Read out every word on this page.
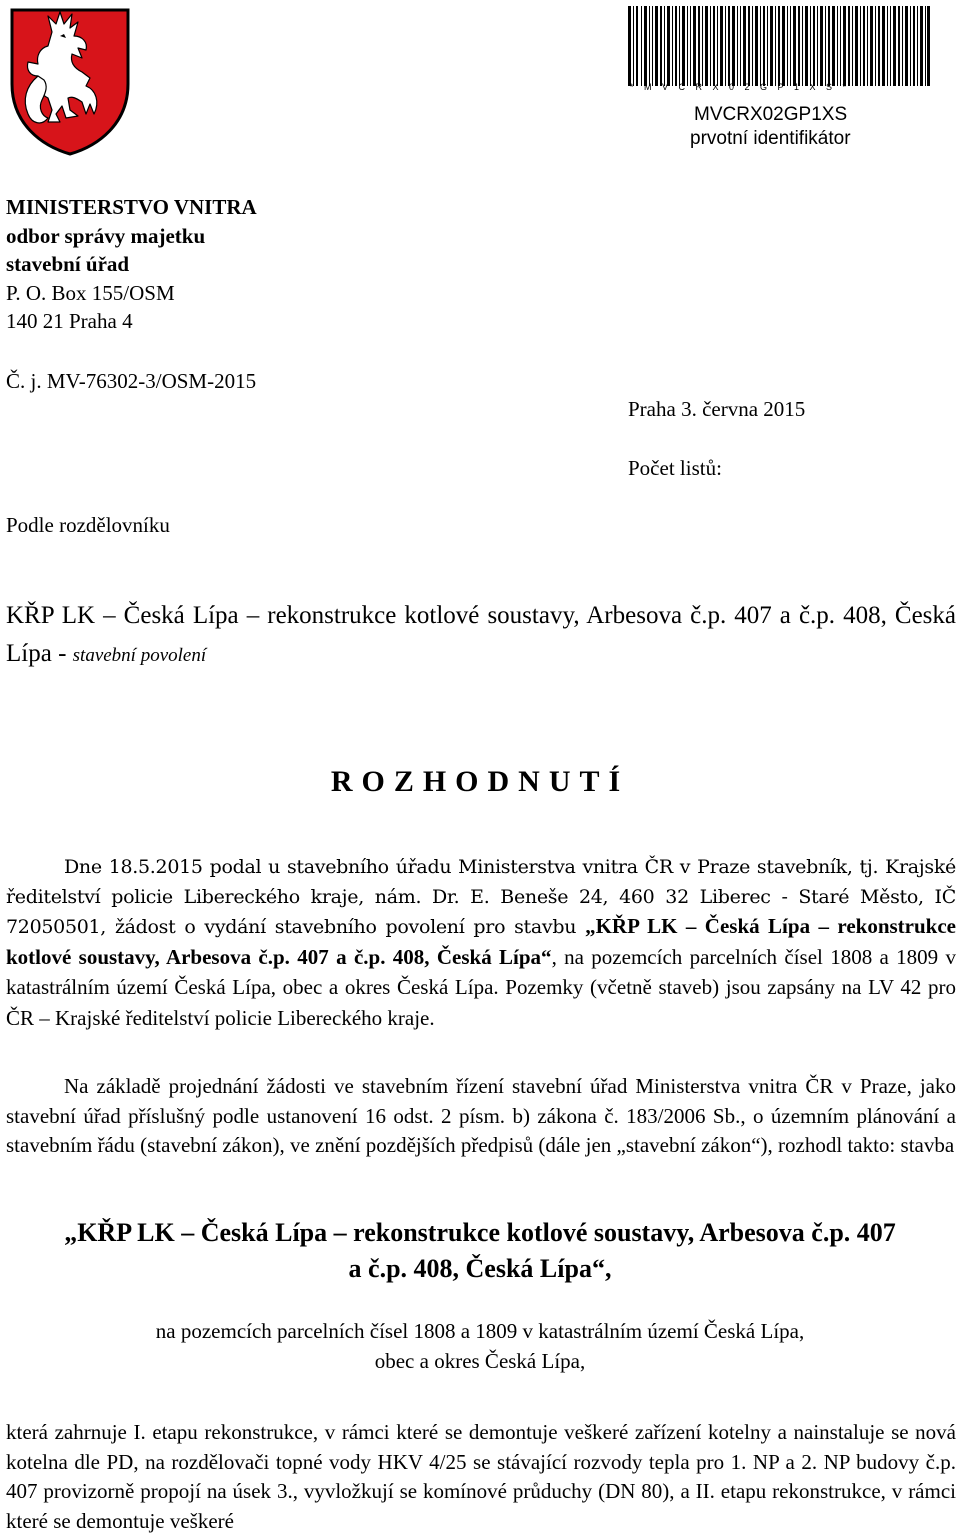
*MVCRX02GP1XS*
MVCRX02GP1XS
prvotní identifikátor
MINISTERSTVO VNITRA
odbor správy majetku
stavební úřad
P. O. Box 155/OSM
140 21 Praha 4
Č. j. MV-76302-3/OSM-2015
Praha 3. června 2015
Počet listů:
Podle rozdělovníku
KŘP LK – Česká Lípa – rekonstrukce kotlové soustavy, Arbesova č.p. 407 a č.p. 408, Česká Lípa - stavební povolení
ROZHODNUTÍ
Dne 18.5.2015 podal u stavebního úřadu Ministerstva vnitra ČR v Praze stavebník, tj. Krajské ředitelství policie Libereckého kraje, nám. Dr. E. Beneše 24, 460 32 Liberec - Staré Město, IČ 72050501, žádost o vydání stavebního povolení pro stavbu „KŘP LK – Česká Lípa – rekonstrukce kotlové soustavy, Arbesova č.p. 407 a č.p. 408, Česká Lípa“, na pozemcích parcelních čísel 1808 a 1809 v katastrálním území Česká Lípa, obec a okres Česká Lípa. Pozemky (včetně staveb) jsou zapsány na LV 42 pro ČR – Krajské ředitelství policie Libereckého kraje.
Na základě projednání žádosti ve stavebním řízení stavební úřad Ministerstva vnitra ČR v Praze, jako stavební úřad příslušný podle ustanovení 16 odst. 2 písm. b) zákona č. 183/2006 Sb., o územním plánování a stavebním řádu (stavební zákon), ve znění pozdějších předpisů (dále jen „stavební zákon“), rozhodl takto: stavba
„KŘP LK – Česká Lípa – rekonstrukce kotlové soustavy, Arbesova č.p. 407
a č.p. 408, Česká Lípa“,
na pozemcích parcelních čísel 1808 a 1809 v katastrálním území Česká Lípa,
obec a okres Česká Lípa,
která zahrnuje I. etapu rekonstrukce, v rámci které se demontuje veškeré zařízení kotelny a nainstaluje se nová kotelna dle PD, na rozdělovači topné vody HKV 4/25 se stávající rozvody tepla pro 1. NP a 2. NP budovy č.p. 407 provizorně propojí na úsek 3., vyvložkují se komínové průduchy (DN 80), a II. etapu rekonstrukce, v rámci které se demontuje veškeré
